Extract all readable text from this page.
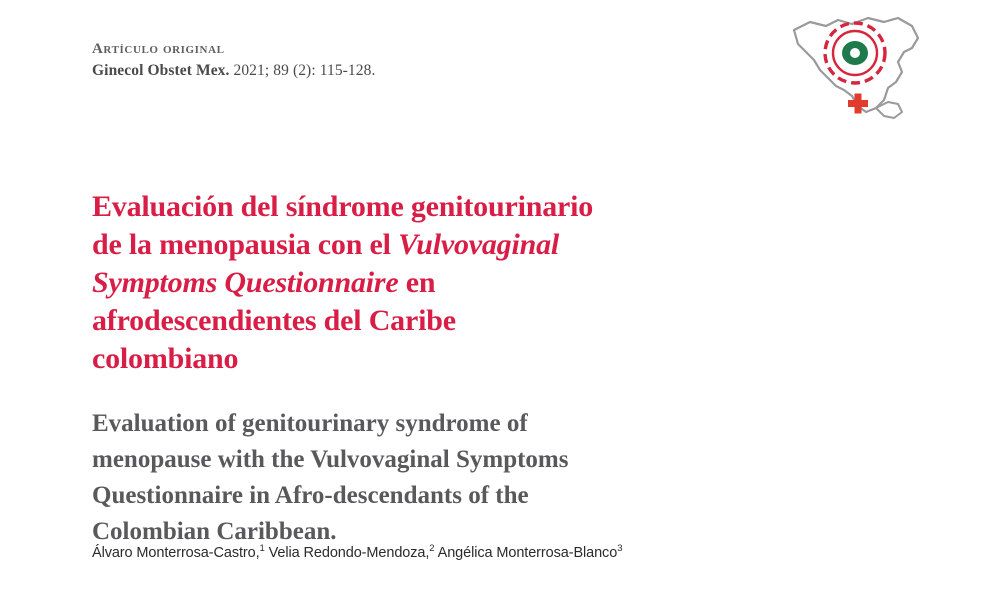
Artículo original
Ginecol Obstet Mex. 2021; 89 (2): 115-128.
Evaluación del síndrome genitourinario
de la menopausia con el Vulvovaginal
Symptoms Questionnaire en
afrodescendientes del Caribe
colombiano
Evaluation of genitourinary syndrome of
menopause with the Vulvovaginal Symptoms
Questionnaire in Afro-descendants of the
Colombian Caribbean.
Álvaro Monterrosa-Castro,$^1$ Velia Redondo-Mendoza,$^2$ Angélica Monterrosa-Blanco$^3$
